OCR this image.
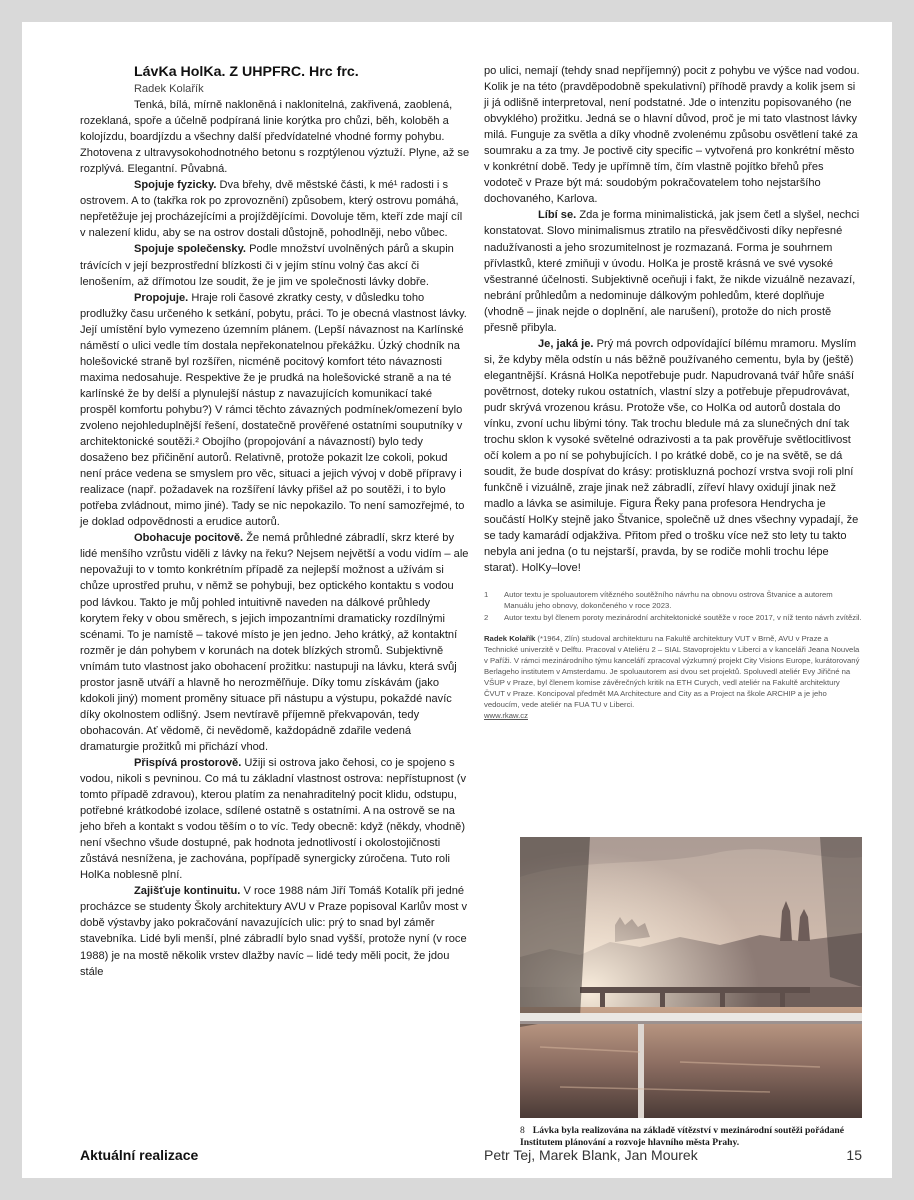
LávKa HolKa. Z UHPFRC. Hrc frc.
Radek Kolařík

Tenká, bílá, mírně nakloněná i naklonitelná, zakřivená, zaoblená, rozeklaná, spoře a účelně podpíraná linie korýtka pro chůzi, běh, koloběh a kolojízdu, boardjízdu a všechny další předvídatelné vhodné formy pohybu. Zhotovena z ultravysokohodnotného betonu s rozptýlenou výztuží. Plyne, až se rozplývá. Elegantní. Půvabná.

Spojuje fyzicky. Dva břehy, dvě městské části, k mé¹ radosti i s ostrovem. A to (takřka rok po zprovoznění) způsobem, který ostrovu pomáhá, nepřetěžuje jej procházejícími a projíždějícími. Dovoluje těm, kteří zde mají cíl v nalezení klidu, aby se na ostrov dostali důstojně, pohodlněji, nebo vůbec.

Spojuje společensky. Podle množství uvolněných párů a skupin trávících v její bezprostřední blízkosti či v jejím stínu volný čas akcí či lenošením, až dřímotou lze soudit, že je jim ve společnosti lávky dobře.

Propojuje. Hraje roli časové zkratky cesty, v důsledku toho prodlužky času určeného k setkání, pobytu, práci. To je obecná vlastnost lávky. Její umístění bylo vymezeno územním plánem. (Lepší návaznost na Karlínské náměstí o ulici vedle tím dostala nepřekonatelnou překážku. Úzký chodník na holešovické straně byl rozšířen, nicméně pocitový komfort této návaznosti maxima nedosahuje. Respektive že je prudká na holešovické straně a na té karlínské že by delší a plynulejší nástup z navazujících komunikací také prospěl komfortu pohybu?) V rámci těchto závazných podmínek/omezení bylo zvoleno nejohleduplnější řešení, dostatečně prověřené ostatními souputníky v architektonické soutěži.² Obojího (propojování a návazností) bylo tedy dosaženo bez přičinění autorů. Relativně, protože pokazit lze cokoli, pokud není práce vedena se smyslem pro věc, situaci a jejich vývoj v době přípravy i realizace (např. požadavek na rozšíření lávky přišel až po soutěži, i to bylo potřeba zvládnout, mimo jiné). Tady se nic nepokazilo. To není samozřejmé, to je doklad odpovědnosti a erudice autorů.

Obohacuje pocitově. Že nemá průhledné zábradlí, skrz které by lidé menšího vzrůstu viděli z lávky na řeku? Nejsem největší a vodu vidím – ale nepovažuji to v tomto konkrétním případě za nejlepší možnost a užívám si chůze uprostřed pruhu, v němž se pohybuji, bez optického kontaktu s vodou pod lávkou. Takto je můj pohled intuitivně naveden na dálkové průhledy korytem řeky v obou směrech, s jejich impozantními dramaticky rozdílnými scénami. To je namístě – takové místo je jen jedno. Jeho krátký, až kontaktní rozměr je dán pohybem v korunách na dotek blízkých stromů. Subjektivně vnímám tuto vlastnost jako obohacení prožitku: nastupuji na lávku, která svůj prostor jasně utváří a hlavně ho nerozměľňuje. Díky tomu získávám (jako kdokoli jiný) moment proměny situace při nástupu a výstupu, pokaždé navíc díky okolnostem odlišný. Jsem nevtíravě příjemně překvapován, tedy obohacován. Ať vědomě, či nevědomě, každopádně zdařile vedená dramaturgie prožitků mi přichází vhod.

Přispívá prostorově. Užiji si ostrova jako čehosi, co je spojeno s vodou, nikoli s pevninou. Co má tu základní vlastnost ostrova: nepřístupnost (v tomto případě zdravou), kterou platím za nenahraditelný pocit klidu, odstupu, potřebné krátkodobé izolace, sdílené ostatně s ostatními. A na ostrově se na jeho břeh a kontakt s vodou těším o to víc. Tedy obecně: když (někdy, vhodně) není všechno všude dostupné, pak hodnota jednotlivostí i okolostojičnosti zůstává nesnížena, je zachována, popřípadě synergicky zúročena. Tuto roli HolKa noblesně plní.

Zajišťuje kontinuitu. V roce 1988 nám Jiří Tomáš Kotalík při jedné procházce se studenty Školy architektury AVU v Praze popisoval Karlův most v době výstavby jako pokračování navazujících ulic: prý to snad byl záměr stavebníka. Lidé byli menší, plné zábradlí bylo snad vyšší, protože nyní (v roce 1988) je na mostě několik vrstev dlažby navíc – lidé tedy měli pocit, že jdou stále

po ulici, nemají (tehdy snad nepříjemný) pocit z pohybu ve výšce nad vodou. Kolik je na této (pravděpodobně spekulativní) příhodě pravdy a kolik jsem si ji já odlišně interpretoval, není podstatné. Jde o intenzitu popisovaného (ne obvyklého) prožitku. Jedná se o hlavní důvod, proč je mi tato vlastnost lávky milá. Funguje za světla a díky vhodně zvolenému způsobu osvětlení také za soumraku a za tmy. Je poctivě city specific – vytvořená pro konkrétní město v konkrétní době. Tedy je upřímně tím, čím vlastně pojítko břehů přes vodoteč v Praze být má: soudobým pokračovatelem toho nejstaršího dochovaného, Karlova.

Líbí se. Zda je forma minimalistická, jak jsem četl a slyšel, nechci konstatovat. Slovo minimalismus ztratilo na přesvědčivosti díky nepřesné nadužívanosti a jeho srozumitelnost je rozmazaná. Forma je souhrnem přívlastků, které zmiňuji v úvodu. HolKa je prostě krásná ve své vysoké všestranné účelnosti. Subjektivně oceňuji i fakt, že nikde vizuálně nezavazí, nebrání průhledům a nedominuje dálkovým pohledům, které doplňuje (vhodně – jinak nejde o doplnění, ale narušení), protože do nich prostě přesně přibyla.

Je, jaká je. Prý má povrch odpovídající bílému mramoru. Myslím si, že kdyby měla odstín u nás běžně používaného cementu, byla by (ještě) elegantnější. Krásná HolKa nepotřebuje pudr. Napudrovaná tvář hůře snáší povětrnost, doteky rukou ostatních, vlastní slzy a potřebuje přepudrovávat, pudr skrývá vrozenou krásu. Protože vše, co HolKa od autorů dostala do vínku, zvoní uchu libými tóny. Tak trochu bledule má za slunečných dní tak trochu sklon k vysoké světelné odrazivosti a ta pak prověřuje světlocitlivost očí kolem a po ní se pohybujících. I po krátké době, co je na světě, se dá soudit, že bude dospívat do krásy: protiskluzná pochozí vrstva svoji roli plní funkčně i vizuálně, zraje jinak než zábradlí, zířeví hlavy oxidují jinak než madlo a lávka se asimiluje. Figura Řeky pana profesora Hendrycha je součástí HolKy stejně jako Štvanice, společně už dnes všechny vypadají, že se tady kamarádí odjakživa. Přitom před o trošku více než sto lety tu takto nebyla ani jedna (o tu nejstarší, pravda, by se rodiče mohli trochu lépe starat). HolKy–love!

1	Autor textu je spoluautorem vítězného soutěžního návrhu na obnovu ostrova Štvanice a autorem Manuálu jeho obnovy, dokončeného v roce 2023.
2	Autor textu byl členem poroty mezinárodní architektonické soutěže v roce 2017, v níž tento návrh zvítězil.
Radek Kolařík (*1964, Zlín) studoval architekturu na Fakultě architektury VUT v Brně, AVU v Praze a Technické univerzitě v Delftu. Pracoval v Ateliéru 2 – SIAL Stavoprojektu v Liberci a v kanceláři Jeana Nouvela v Paříži. V rámci mezinárodního týmu kanceláří zpracoval výzkumný projekt City Visions Europe, kurátorovaný Berlageho institutem v Amsterdamu. Je spoluautorem asi dvou set projektů. Spoluvedl ateliér Evy Jiřičné na VŠUP v Praze, byl členem komise závěrečných kritik na ETH Curych, vedl ateliér na Fakultě architektury ČVUT v Praze. Koncipoval předmět MA Architecture and City as a Project na škole ARCHIP a je jeho vedoucím, vede ateliér na FUA TU v Liberci.
www.rkaw.cz
8 Lávka byla realizována na základě vítězství v mezinárodní soutěži pořádané Institutem plánování a rozvoje hlavního města Prahy.
Aktuální realizace	Petr Tej, Marek Blank, Jan Mourek	15
